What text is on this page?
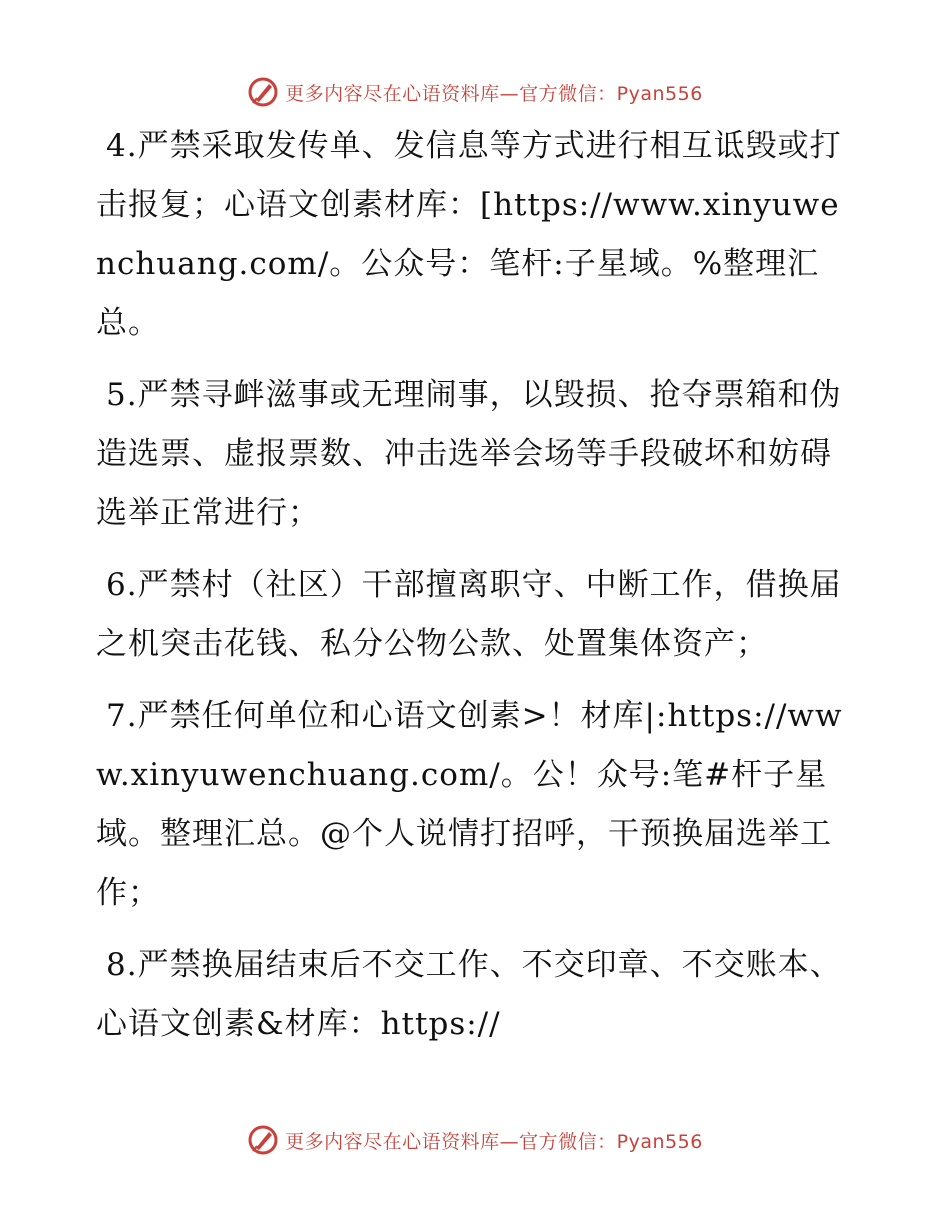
更多内容尽在心语资料库—官方微信：Pyan556

4.严禁采取发传单、发信息等方式进行相互诋毁或打击报复；心语文创素材库：[https://www.xinyuwenchuang.com/。公众号：笔杆:子星域。%整理汇总。

5.严禁寻衅滋事或无理闹事，以毁损、抢夺票箱和伪造选票、虚报票数、冲击选举会场等手段破坏和妨碍选举正常进行；

6.严禁村（社区）干部擅离职守、中断工作，借换届之机突击花钱、私分公物公款、处置集体资产；

7.严禁任何单位和心语文创素>！材库|:https://www.xinyuwenchuang.com/。公！众号:笔#杆子星域。整理汇总。@个人说情打招呼，干预换届选举工作；

8.严禁换届结束后不交工作、不交印章、不交账本、心语文创素&材库：https://

更多内容尽在心语资料库—官方微信：Pyan556
